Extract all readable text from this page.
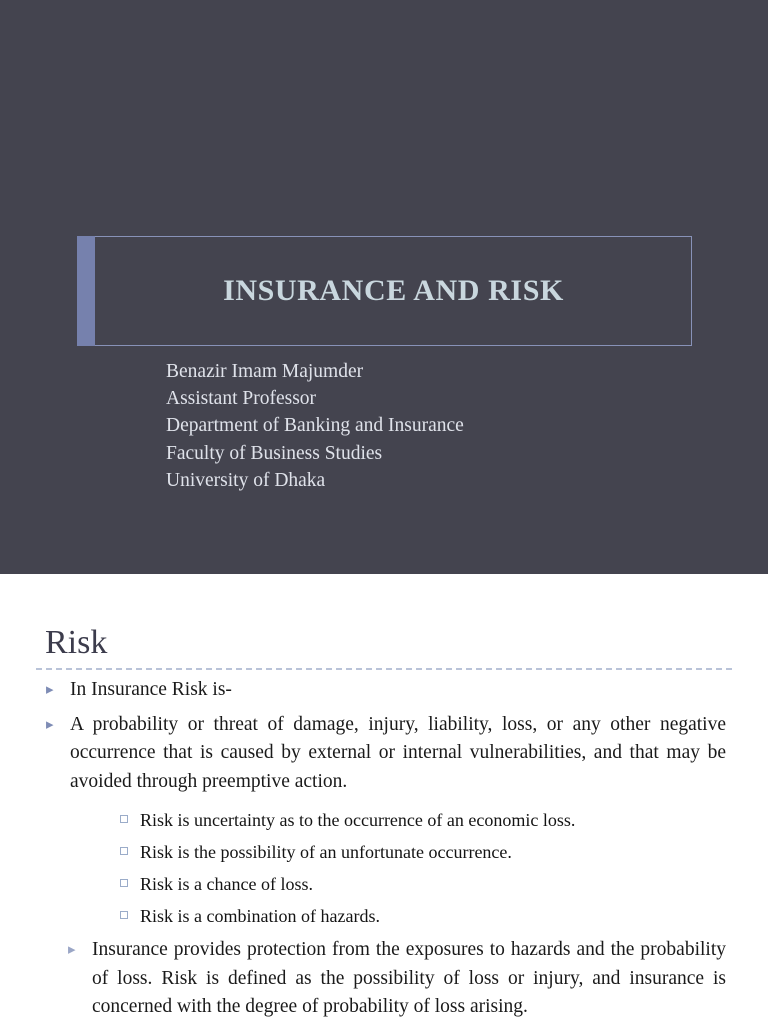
INSURANCE AND RISK
Benazir Imam Majumder
Assistant Professor
Department of Banking and Insurance
Faculty of Business Studies
University of Dhaka
Risk
▸ In Insurance Risk is-
▸ A probability or threat of damage, injury, liability, loss, or any other negative occurrence that is caused by external or internal vulnerabilities, and that may be avoided through preemptive action.
Risk is uncertainty as to the occurrence of an economic loss.
Risk is the possibility of an unfortunate occurrence.
Risk is a chance of loss.
Risk is a combination of hazards.
▸ Insurance provides protection from the exposures to hazards and the probability of loss. Risk is defined as the possibility of loss or injury, and insurance is concerned with the degree of probability of loss arising.
